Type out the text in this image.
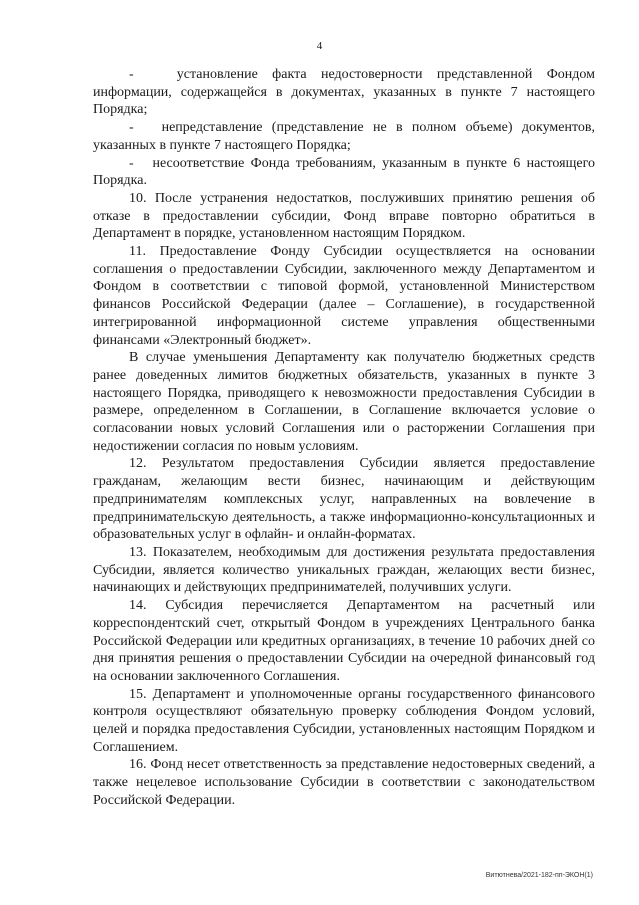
4

-   установление факта недостоверности представленной Фондом информации, содержащейся в документах, указанных в пункте 7 настоящего Порядка;

-   непредставление (представление не в полном объеме) документов, указанных в пункте 7 настоящего Порядка;

-   несоответствие Фонда требованиям, указанным в пункте 6 настоящего Порядка.

10. После устранения недостатков, послуживших принятию решения об отказе в предоставлении субсидии, Фонд вправе повторно обратиться в Департамент в порядке, установленном настоящим Порядком.

11. Предоставление Фонду Субсидии осуществляется на основании соглашения о предоставлении Субсидии, заключенного между Департаментом и Фондом в соответствии с типовой формой, установленной Министерством финансов Российской Федерации (далее – Соглашение), в государственной интегрированной информационной системе управления общественными финансами «Электронный бюджет».

В случае уменьшения Департаменту как получателю бюджетных средств ранее доведенных лимитов бюджетных обязательств, указанных в пункте 3 настоящего Порядка, приводящего к невозможности предоставления Субсидии в размере, определенном в Соглашении, в Соглашение включается условие о согласовании новых условий Соглашения или о расторжении Соглашения при недостижении согласия по новым условиям.

12. Результатом предоставления Субсидии является предоставление гражданам, желающим вести бизнес, начинающим и действующим предпринимателям комплексных услуг, направленных на вовлечение в предпринимательскую деятельность, а также информационно-консультационных и образовательных услуг в офлайн- и онлайн-форматах.

13. Показателем, необходимым для достижения результата предоставления Субсидии, является количество уникальных граждан, желающих вести бизнес, начинающих и действующих предпринимателей, получивших услуги.

14. Субсидия перечисляется Департаментом на расчетный или корреспондентский счет, открытый Фондом в учреждениях Центрального банка Российской Федерации или кредитных организациях, в течение 10 рабочих дней со дня принятия решения о предоставлении Субсидии на очередной финансовый год на основании заключенного Соглашения.

15. Департамент и уполномоченные органы государственного финансового контроля осуществляют обязательную проверку соблюдения Фондом условий, целей и порядка предоставления Субсидии, установленных настоящим Порядком и Соглашением.

16. Фонд несет ответственность за представление недостоверных сведений, а также нецелевое использование Субсидии в соответствии с законодательством Российской Федерации.

Витютнева/2021-182-пп-ЭКОН(1)
